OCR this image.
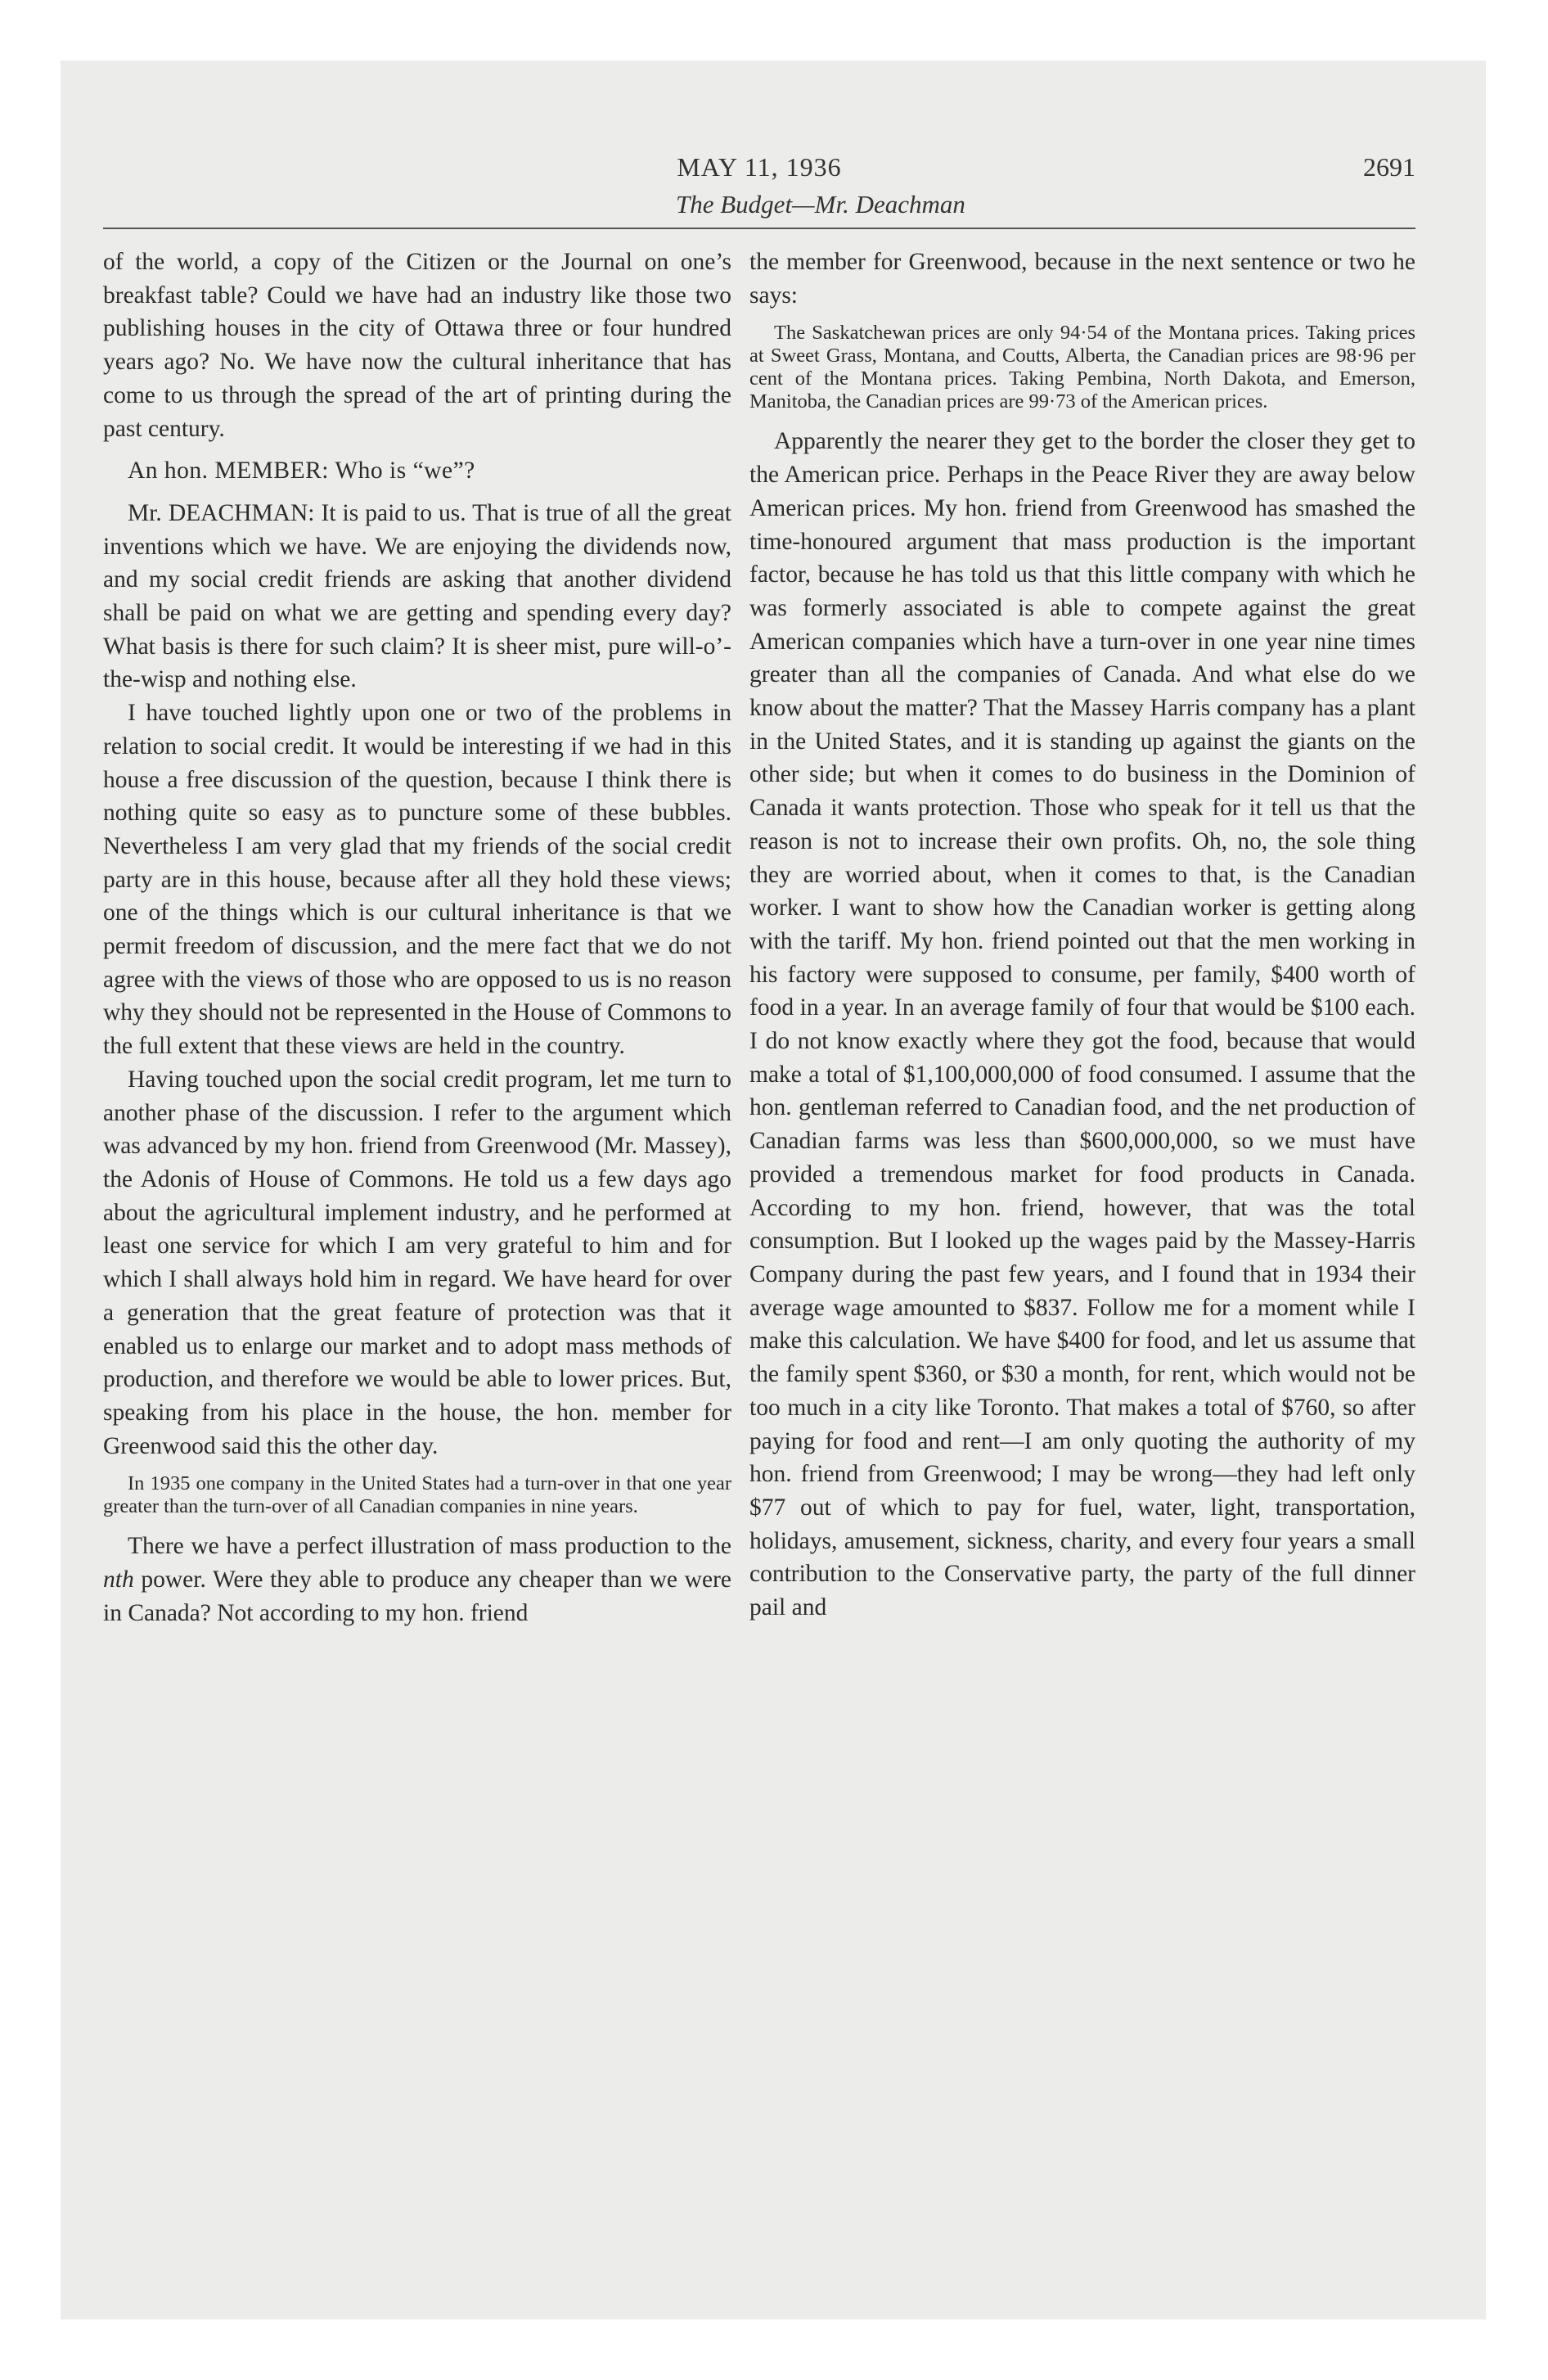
MAY 11, 1936	2691
The Budget—Mr. Deachman

of the world, a copy of the Citizen or the Journal on one’s breakfast table? Could we have had an industry like those two publishing houses in the city of Ottawa three or four hundred years ago? No. We have now the cultural inheritance that has come to us through the spread of the art of printing during the past century.

An hon. MEMBER: Who is “we”?

Mr. DEACHMAN: It is paid to us. That is true of all the great inventions which we have. We are enjoying the dividends now, and my social credit friends are asking that another dividend shall be paid on what we are getting and spending every day? What basis is there for such claim? It is sheer mist, pure will-o’-the-wisp and nothing else.

I have touched lightly upon one or two of the problems in relation to social credit. It would be interesting if we had in this house a free discussion of the question, because I think there is nothing quite so easy as to puncture some of these bubbles. Nevertheless I am very glad that my friends of the social credit party are in this house, because after all they hold these views; one of the things which is our cultural inheritance is that we permit freedom of discussion, and the mere fact that we do not agree with the views of those who are opposed to us is no reason why they should not be represented in the House of Commons to the full extent that these views are held in the country.

Having touched upon the social credit program, let me turn to another phase of the discussion. I refer to the argument which was advanced by my hon. friend from Greenwood (Mr. Massey), the Adonis of House of Commons. He told us a few days ago about the agricultural implement industry, and he performed at least one service for which I am very grateful to him and for which I shall always hold him in regard. We have heard for over a generation that the great feature of protection was that it enabled us to enlarge our market and to adopt mass methods of production, and therefore we would be able to lower prices. But, speaking from his place in the house, the hon. member for Greenwood said this the other day.

In 1935 one company in the United States had a turn-over in that one year greater than the turn-over of all Canadian companies in nine years.

There we have a perfect illustration of mass production to the nth power. Were they able to produce any cheaper than we were in Canada? Not according to my hon. friend

the member for Greenwood, because in the next sentence or two he says:

The Saskatchewan prices are only 94·54 of the Montana prices. Taking prices at Sweet Grass, Montana, and Coutts, Alberta, the Canadian prices are 98·96 per cent of the Montana prices. Taking Pembina, North Dakota, and Emerson, Manitoba, the Canadian prices are 99·73 of the American prices.

Apparently the nearer they get to the border the closer they get to the American price. Perhaps in the Peace River they are away below American prices. My hon. friend from Greenwood has smashed the time-honoured argument that mass production is the important factor, because he has told us that this little company with which he was formerly associated is able to compete against the great American companies which have a turn-over in one year nine times greater than all the companies of Canada. And what else do we know about the matter? That the Massey Harris company has a plant in the United States, and it is standing up against the giants on the other side; but when it comes to do business in the Dominion of Canada it wants protection. Those who speak for it tell us that the reason is not to increase their own profits. Oh, no, the sole thing they are worried about, when it comes to that, is the Canadian worker. I want to show how the Canadian worker is getting along with the tariff. My hon. friend pointed out that the men working in his factory were supposed to consume, per family, $400 worth of food in a year. In an average family of four that would be $100 each. I do not know exactly where they got the food, because that would make a total of $1,100,000,000 of food consumed. I assume that the hon. gentleman referred to Canadian food, and the net production of Canadian farms was less than $600,000,000, so we must have provided a tremendous market for food products in Canada. According to my hon. friend, however, that was the total consumption. But I looked up the wages paid by the Massey-Harris Company during the past few years, and I found that in 1934 their average wage amounted to $837. Follow me for a moment while I make this calculation. We have $400 for food, and let us assume that the family spent $360, or $30 a month, for rent, which would not be too much in a city like Toronto. That makes a total of $760, so after paying for food and rent—I am only quoting the authority of my hon. friend from Greenwood; I may be wrong—they had left only $77 out of which to pay for fuel, water, light, transportation, holidays, amusement, sickness, charity, and every four years a small contribution to the Conservative party, the party of the full dinner pail and
